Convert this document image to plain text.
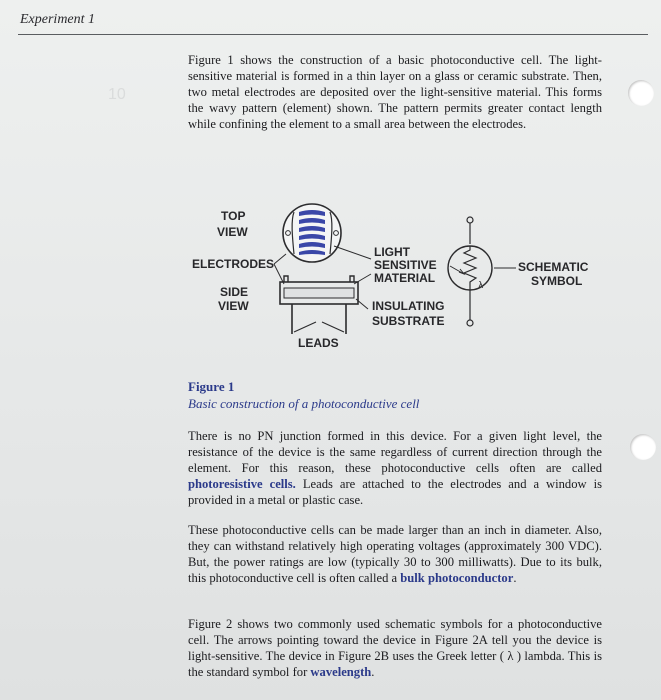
Experiment 1
10
Figure 1 shows the construction of a basic photoconductive cell. The light-sensitive material is formed in a thin layer on a glass or ceramic substrate. Then, two metal electrodes are deposited over the light-sensitive material. This forms the wavy pattern (element) shown. The pattern permits greater contact length while confining the element to a small area between the electrodes.
TOP
VIEW
ELECTRODES
SIDE
VIEW
LEADS
LIGHT
SENSITIVE
MATERIAL
INSULATING
SUBSTRATE
SCHEMATIC
SYMBOL
λ
Figure 1
Basic construction of a photoconductive cell
There is no PN junction formed in this device. For a given light level, the resistance of the device is the same regardless of current direction through the element. For this reason, these photoconductive cells often are called photoresistive cells. Leads are attached to the electrodes and a window is provided in a metal or plastic case.
These photoconductive cells can be made larger than an inch in diameter. Also, they can withstand relatively high operating voltages (approximately 300 VDC). But, the power ratings are low (typically 30 to 300 milliwatts). Due to its bulk, this photoconductive cell is often called a bulk photoconductor.
Figure 2 shows two commonly used schematic symbols for a photoconductive cell. The arrows pointing toward the device in Figure 2A tell you the device is light-sensitive. The device in Figure 2B uses the Greek letter ( λ ) lambda. This is the standard symbol for wavelength.
